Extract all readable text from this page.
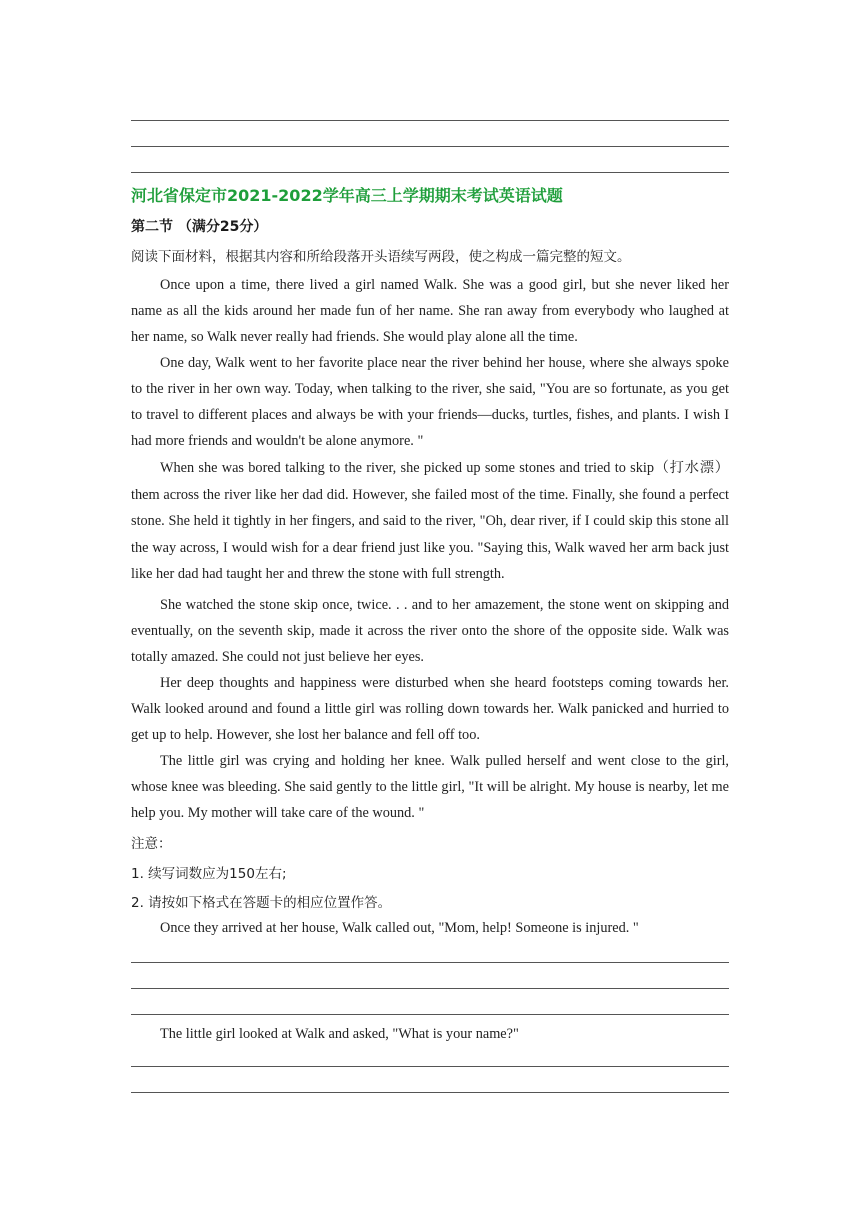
河北省保定市2021-2022学年高三上学期期末考试英语试题
第二节 （满分25分）
阅读下面材料，根据其内容和所给段落开头语续写两段，使之构成一篇完整的短文。
Once upon a time, there lived a girl named Walk. She was a good girl, but she never liked her name as all the kids around her made fun of her name. She ran away from everybody who laughed at her name, so Walk never really had friends. She would play alone all the time.
One day, Walk went to her favorite place near the river behind her house, where she always spoke to the river in her own way. Today, when talking to the river, she said, "You are so fortunate, as you get to travel to different places and always be with your friends—ducks, turtles, fishes, and plants. I wish I had more friends and wouldn't be alone anymore. "
When she was bored talking to the river, she picked up some stones and tried to skip（打水漂）them across the river like her dad did. However, she failed most of the time. Finally, she found a perfect stone. She held it tightly in her fingers, and said to the river, "Oh, dear river, if I could skip this stone all the way across, I would wish for a dear friend just like you. "Saying this, Walk waved her arm back just like her dad had taught her and threw the stone with full strength.
She watched the stone skip once, twice. . . and to her amazement, the stone went on skipping and eventually, on the seventh skip, made it across the river onto the shore of the opposite side. Walk was totally amazed. She could not just believe her eyes.
Her deep thoughts and happiness were disturbed when she heard footsteps coming towards her. Walk looked around and found a little girl was rolling down towards her. Walk panicked and hurried to get up to help. However, she lost her balance and fell off too.
The little girl was crying and holding her knee. Walk pulled herself and went close to the girl, whose knee was bleeding. She said gently to the little girl, "It will be alright. My house is nearby, let me help you. My mother will take care of the wound. "
注意：
1. 续写词数应为150左右;
2. 请按如下格式在答题卡的相应位置作答。
Once they arrived at her house, Walk called out, "Mom, help! Someone is injured. "
The little girl looked at Walk and asked, "What is your name?"
